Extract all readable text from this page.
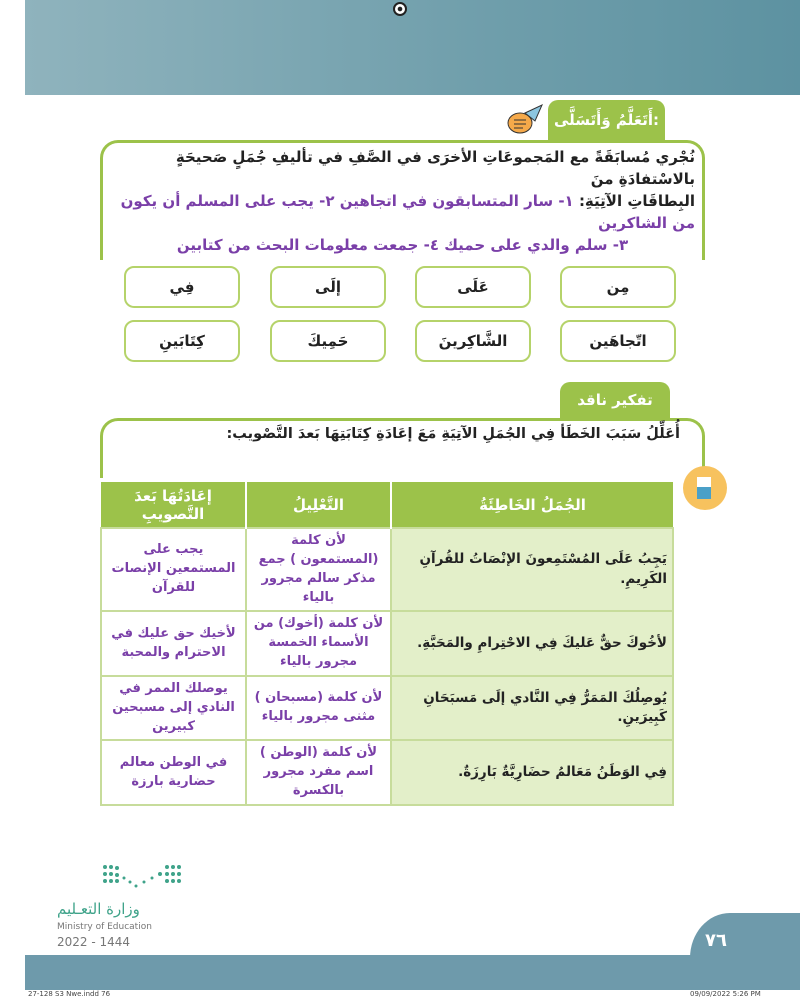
أَتَعَلَّمُ وَأَتَسَلَّى:
نُجْري مُسابَقَةً مع المَجموعَاتِ الأخرَى في الصَّفِ في تأليفِ جُمَلٍ صَحيحَةٍ بالاسْتفادَةِ منَ
البِطاقَاتِ الآتِيَةِ: ١- سار المتسابقون في اتجاهين ٢- يجب على المسلم أن يكون من الشاكرين
٣- سلم والدي على حميك ٤- جمعت معلومات البحث من كتابين
مِن
عَلَى
إلَى
فِي
اتّجاهَين
الشَّاكِرينَ
حَمِيكَ
كِتَابَينِ
تفكير ناقد
أُعَلِّلُ سَبَبَ الخَطَأ فِي الجُمَلِ الآتِيَةِ مَعَ إعَادَةِ كِتَابَتِهَا بَعدَ التَّصْويب:
الجُمَلُ الخَاطِئَةُ	التَّعْلِيلُ	إعَادَتُهَا بَعدَ التَّصويبِ
يَجِبُ عَلَى المُسْتَمِعونَ الإنْصَاتُ للقُرآنِ الكَرِيمِ.	لأن كلمة (المستمعون ) جمع مذكر سالم مجرور بالياء	يجب على المستمعين الإنصات للقرآن
لأخُوكَ حقٌّ عَليكَ فِي الاحْتِرامِ والمَحَبَّةِ.	لأن كلمة (أخوك) من الأسماء الخمسة مجرور بالياء	لأخيك حق عليك في الاحترام والمحبة
يُوصِلُكَ المَمَرُّ فِي النَّادي إلَى مَسبَحَانِ كَبِيرَينِ.	لأن كلمة (مسبحان ) مثنى مجرور بالياء	يوصلك الممر في النادي إلى مسبحين كبيرين
فِي الوَطَنُ مَعَالمُ حضَارِيَّةٌ بَارِزَةٌ.	لأن كلمة (الوطن ) اسم مفرد مجرور بالكسرة	في الوطن معالم حضارية بارزة
وزارة التعـليم
Ministry of Education
2022 - 1444	٧٦
27-128 S3 Nwe.indd 76	09/09/2022 5:26 PM
